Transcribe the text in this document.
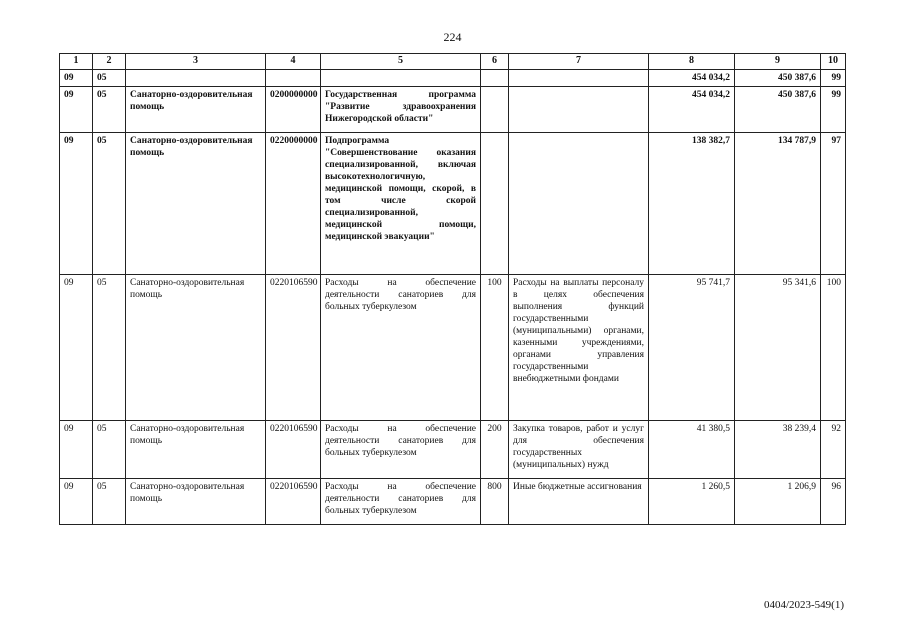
224
1	2	3	4	5	6	7	8	9	10
09	05						454 034,2	450 387,6	99
09	05	Санаторно-оздоровительная помощь	0200000000	Государственная программа "Развитие здравоохранения Нижегородской области"			454 034,2	450 387,6	99
09	05	Санаторно-оздоровительная помощь	0220000000	Подпрограмма "Совершенствование оказания специализированной, включая высокотехнологичную, медицинской помощи, скорой, в том числе скорой специализированной, медицинской помощи, медицинской эвакуации"			138 382,7	134 787,9	97
09	05	Санаторно-оздоровительная помощь	0220106590	Расходы на обеспечение деятельности санаториев для больных туберкулезом	100	Расходы на выплаты персоналу в целях обеспечения выполнения функций государственными (муниципальными) органами, казенными учреждениями, органами управления государственными внебюджетными фондами	95 741,7	95 341,6	100
09	05	Санаторно-оздоровительная помощь	0220106590	Расходы на обеспечение деятельности санаториев для больных туберкулезом	200	Закупка товаров, работ и услуг для обеспечения государственных (муниципальных) нужд	41 380,5	38 239,4	92
09	05	Санаторно-оздоровительная помощь	0220106590	Расходы на обеспечение деятельности санаториев для больных туберкулезом	800	Иные бюджетные ассигнования	1 260,5	1 206,9	96
0404/2023-549(1)
